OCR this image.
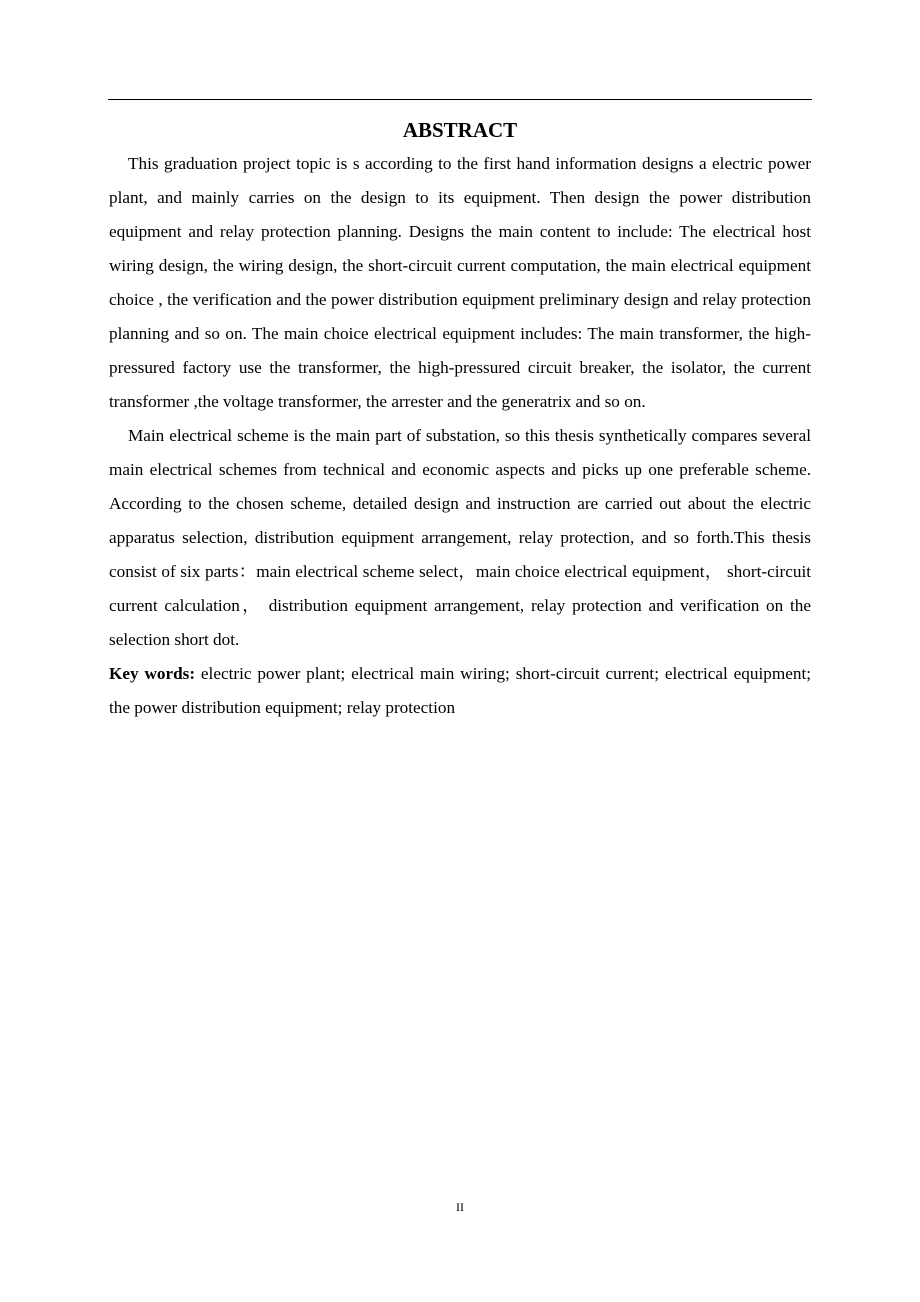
ABSTRACT

This graduation project topic is s according to the first hand information designs a electric power plant, and mainly carries on the design to its equipment. Then design the power distribution equipment and relay protection planning. Designs the main content to include: The electrical host wiring design, the wiring design, the short-circuit current computation, the main electrical equipment choice , the verification and the power distribution equipment preliminary design and relay protection planning and so on. The main choice electrical equipment includes: The main transformer, the high-pressured factory use the transformer, the high-pressured circuit breaker, the isolator, the current transformer ,the voltage transformer, the arrester and the generatrix and so on.

Main electrical scheme is the main part of substation, so this thesis synthetically compares several main electrical schemes from technical and economic aspects and picks up one preferable scheme. According to the chosen scheme, detailed design and instruction are carried out about the electric apparatus selection, distribution equipment arrangement, relay protection, and so forth.This thesis consist of six parts：main electrical scheme select，main choice electrical equipment， short-circuit current calculation， distribution equipment arrangement, relay protection and verification on the selection short dot.

Key words: electric power plant; electrical main wiring; short-circuit current; electrical equipment; the power distribution equipment; relay protection

II
